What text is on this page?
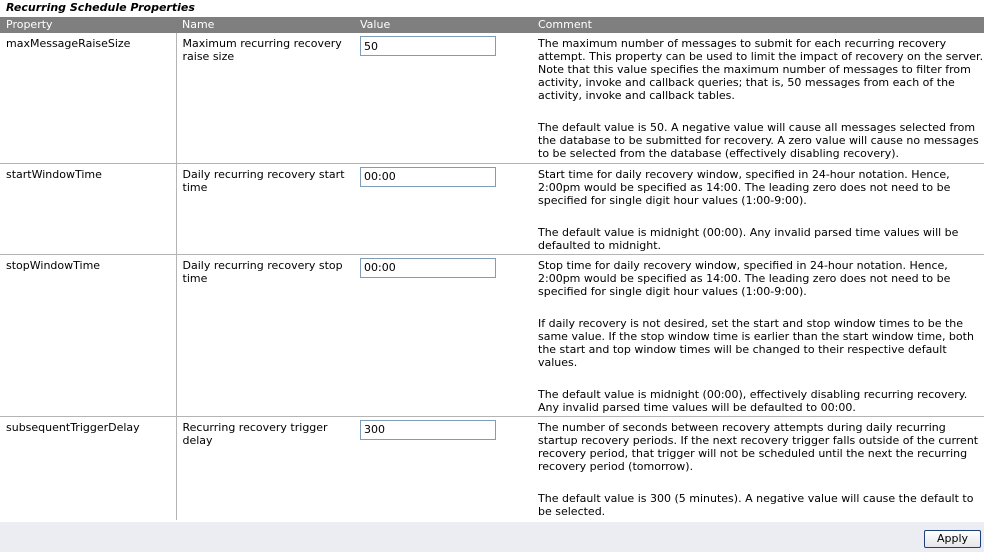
Recurring Schedule Properties
Property	Name	Value	Comment
maxMessageRaiseSize	Maximum recurring recovery raise size	50	The maximum number of messages to submit for each recurring recovery attempt. This property can be used to limit the impact of recovery on the server. Note that this value specifies the maximum number of messages to filter from activity, invoke and callback queries; that is, 50 messages from each of the activity, invoke and callback tables.

The default value is 50. A negative value will cause all messages selected from the database to be submitted for recovery. A zero value will cause no messages to be selected from the database (effectively disabling recovery).

startWindowTime	Daily recurring recovery start time	00:00	Start time for daily recovery window, specified in 24-hour notation. Hence, 2:00pm would be specified as 14:00. The leading zero does not need to be specified for single digit hour values (1:00-9:00).

The default value is midnight (00:00). Any invalid parsed time values will be defaulted to midnight.

stopWindowTime	Daily recurring recovery stop time	00:00	Stop time for daily recovery window, specified in 24-hour notation. Hence, 2:00pm would be specified as 14:00. The leading zero does not need to be specified for single digit hour values (1:00-9:00).

If daily recovery is not desired, set the start and stop window times to be the same value. If the stop window time is earlier than the start window time, both the start and top window times will be changed to their respective default values.

The default value is midnight (00:00), effectively disabling recurring recovery. Any invalid parsed time values will be defaulted to 00:00.

subsequentTriggerDelay	Recurring recovery trigger delay	300	The number of seconds between recovery attempts during daily recurring startup recovery periods. If the next recovery trigger falls outside of the current recovery period, that trigger will not be scheduled until the next the recurring recovery period (tomorrow).

The default value is 300 (5 minutes). A negative value will cause the default to be selected.

Apply
